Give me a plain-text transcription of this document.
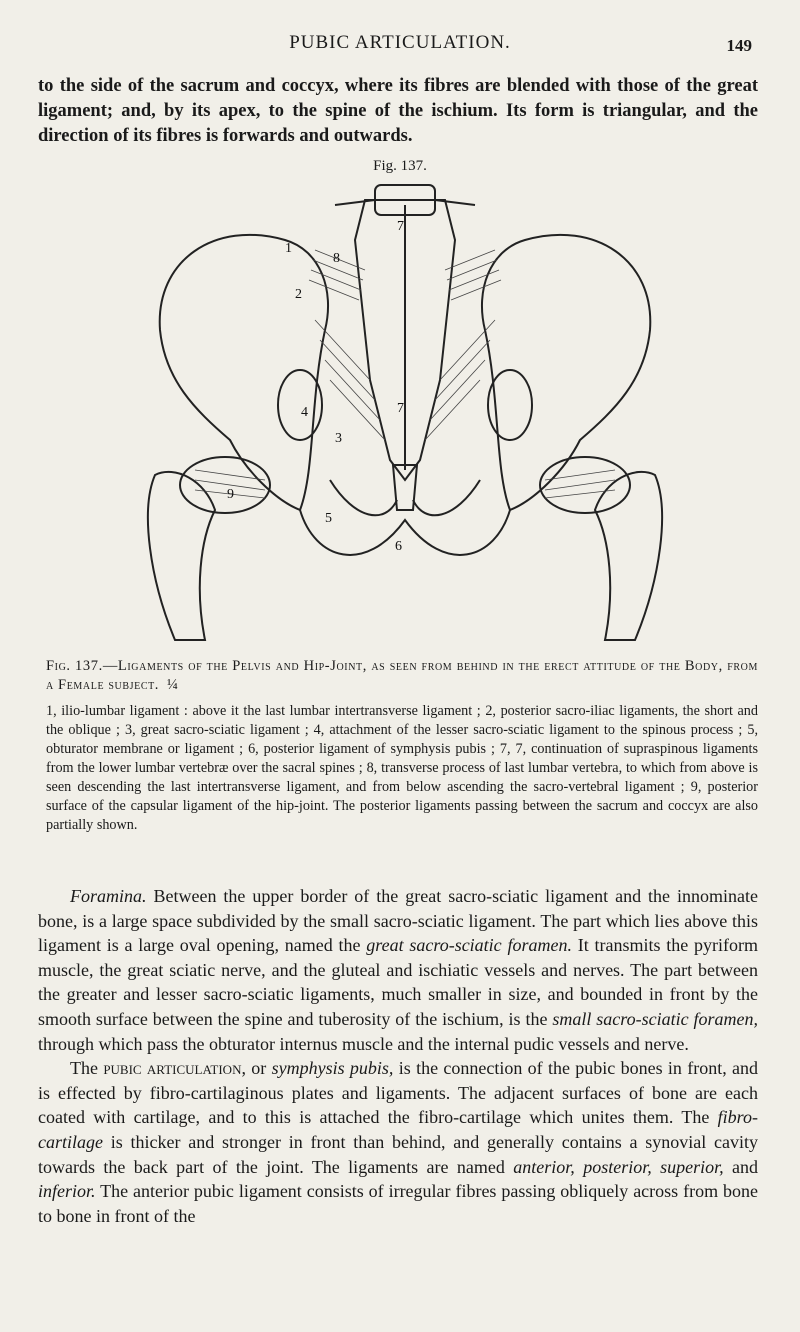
PUBIC ARTICULATION.	149
to the side of the sacrum and coccyx, where its fibres are blended with those of the great ligament; and, by its apex, to the spine of the ischium. Its form is triangular, and the direction of its fibres is forwards and outwards.
Fig. 137.
1
2
8
4
5
6
7
7
9
3
Fig. 137.—Ligaments of the Pelvis and Hip-Joint, as seen from behind in the erect attitude of the Body, from a Female subject. ¼
1, ilio-lumbar ligament : above it the last lumbar intertransverse ligament ; 2, posterior sacro-iliac ligaments, the short and the oblique ; 3, great sacro-sciatic ligament ; 4, attachment of the lesser sacro-sciatic ligament to the spinous process ; 5, obturator membrane or ligament ; 6, posterior ligament of symphysis pubis ; 7, 7, continuation of supraspinous ligaments from the lower lumbar vertebræ over the sacral spines ; 8, transverse process of last lumbar vertebra, to which from above is seen descending the last intertransverse ligament, and from below ascending the sacro-vertebral ligament ; 9, posterior surface of the capsular ligament of the hip-joint. The posterior ligaments passing between the sacrum and coccyx are also partially shown.

Foramina. Between the upper border of the great sacro-sciatic ligament and the innominate bone, is a large space subdivided by the small sacro-sciatic ligament. The part which lies above this ligament is a large oval opening, named the great sacro-sciatic foramen. It transmits the pyriform muscle, the great sciatic nerve, and the gluteal and ischiatic vessels and nerves. The part between the greater and lesser sacro-sciatic ligaments, much smaller in size, and bounded in front by the smooth surface between the spine and tuberosity of the ischium, is the small sacro-sciatic foramen, through which pass the obturator internus muscle and the internal pudic vessels and nerve.

The pubic articulation, or symphysis pubis, is the connection of the pubic bones in front, and is effected by fibro-cartilaginous plates and ligaments. The adjacent surfaces of bone are each coated with cartilage, and to this is attached the fibro-cartilage which unites them. The fibro-cartilage is thicker and stronger in front than behind, and generally contains a synovial cavity towards the back part of the joint. The ligaments are named anterior, posterior, superior, and inferior. The anterior pubic ligament consists of irregular fibres passing obliquely across from bone to bone in front of the
